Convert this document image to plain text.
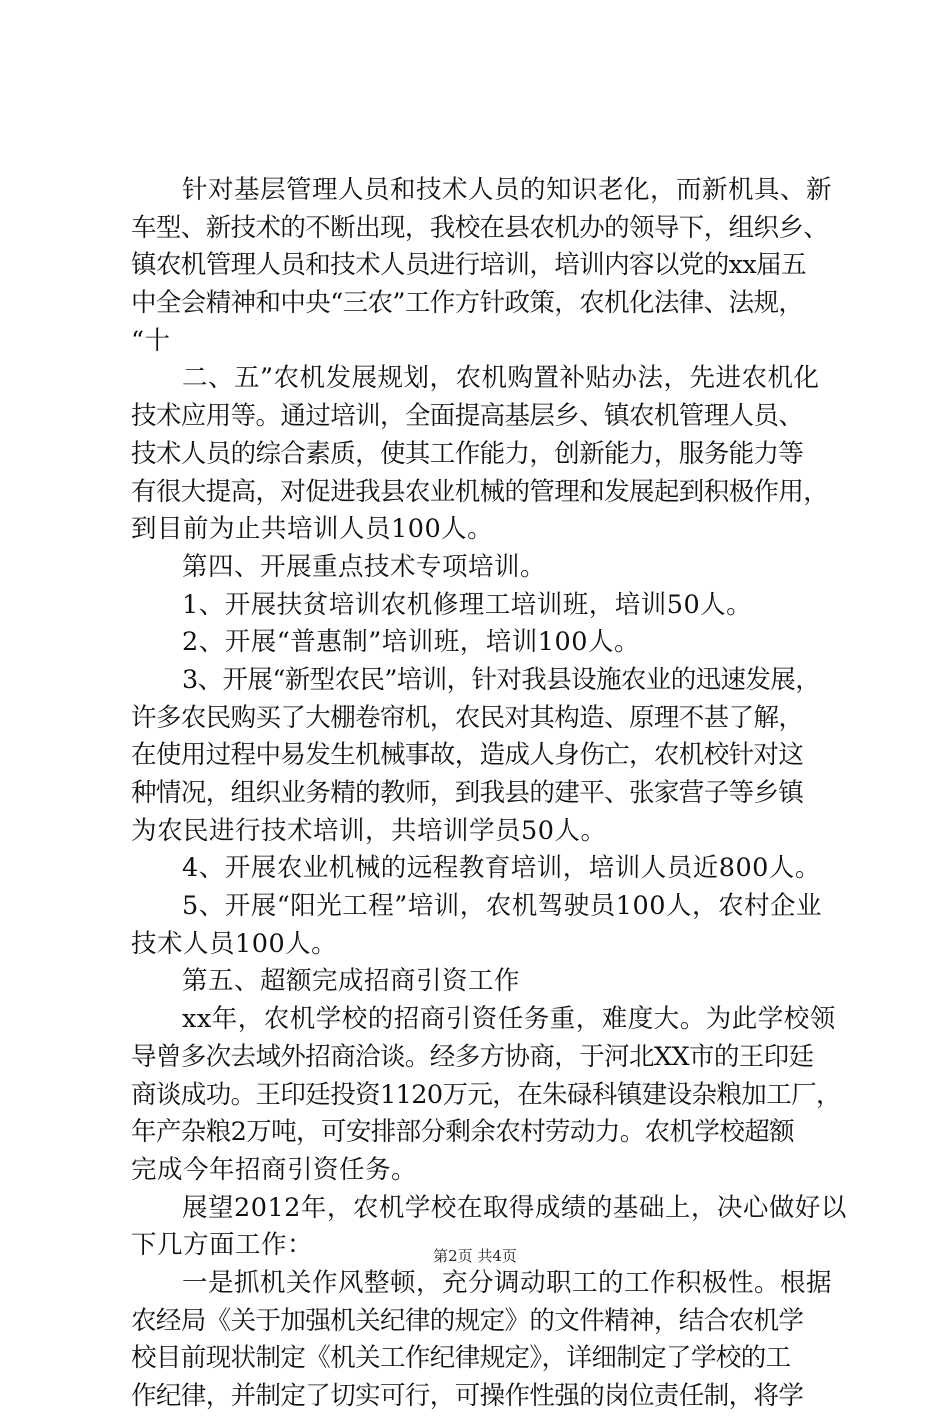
针对基层管理人员和技术人员的知识老化，而新机具、新
车型、新技术的不断出现，我校在县农机办的领导下，组织乡、
镇农机管理人员和技术人员进行培训，培训内容以党的xx届五
中全会精神和中央“三农”工作方针政策，农机化法律、法规，
“十
二、五”农机发展规划，农机购置补贴办法，先进农机化
技术应用等。通过培训，全面提高基层乡、镇农机管理人员、
技术人员的综合素质，使其工作能力，创新能力，服务能力等
有很大提高，对促进我县农业机械的管理和发展起到积极作用，
到目前为止共培训人员100人。
第四、开展重点技术专项培训。
1、开展扶贫培训农机修理工培训班，培训50人。
2、开展“普惠制”培训班，培训100人。
3、开展“新型农民”培训，针对我县设施农业的迅速发展，
许多农民购买了大棚卷帘机，农民对其构造、原理不甚了解，
在使用过程中易发生机械事故，造成人身伤亡，农机校针对这
种情况，组织业务精的教师，到我县的建平、张家营子等乡镇
为农民进行技术培训，共培训学员50人。
4、开展农业机械的远程教育培训，培训人员近800人。
5、开展“阳光工程”培训，农机驾驶员100人，农村企业
技术人员100人。
第五、超额完成招商引资工作
xx年，农机学校的招商引资任务重，难度大。为此学校领
导曾多次去域外招商洽谈。经多方协商，于河北XX市的王印廷
商谈成功。王印廷投资1120万元，在朱碌科镇建设杂粮加工厂，
年产杂粮2万吨，可安排部分剩余农村劳动力。农机学校超额
完成今年招商引资任务。
展望2012年，农机学校在取得成绩的基础上，决心做好以
下几方面工作：
一是抓机关作风整顿，充分调动职工的工作积极性。根据
农经局《关于加强机关纪律的规定》的文件精神，结合农机学
校目前现状制定《机关工作纪律规定》，详细制定了学校的工
作纪律，并制定了切实可行，可操作性强的岗位责任制，将学
第2页 共4页
